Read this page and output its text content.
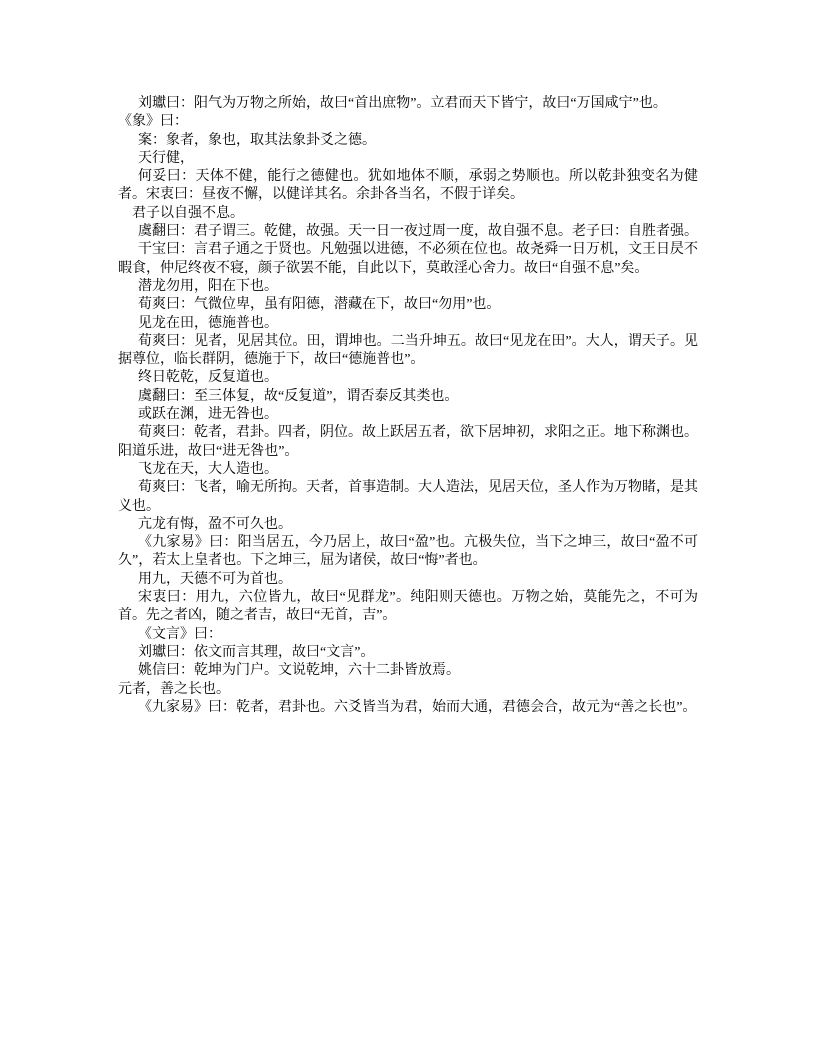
刘瓛曰：阳气为万物之所始，故曰“首出庶物”。立君而天下皆宁，故曰“万国咸宁”也。

《象》曰：

案：象者，象也，取其法象卦爻之德。

天行健，

何妥曰：天体不健，能行之德健也。犹如地体不顺，承弱之势顺也。所以乾卦独变名为健者。宋衷曰：昼夜不懈，以健详其名。余卦各当名，不假于详矣。

君子以自强不息。

虞翻曰：君子谓三。乾健，故强。天一日一夜过周一度，故自强不息。老子曰：自胜者强。

干宝曰：言君子通之于贤也。凡勉强以进德，不必须在位也。故尧舜一日万机，文王日昃不暇食，仲尼终夜不寝，颜子欲罢不能，自此以下，莫敢淫心舍力。故曰“自强不息”矣。

潜龙勿用，阳在下也。

荀爽曰：气微位卑，虽有阳德，潜藏在下，故曰“勿用”也。

见龙在田，德施普也。

荀爽曰：见者，见居其位。田，谓坤也。二当升坤五。故曰“见龙在田”。大人，谓天子。见据尊位，临长群阴，德施于下，故曰“德施普也”。

终日乾乾，反复道也。

虞翻曰：至三体复，故“反复道”，谓否泰反其类也。

或跃在渊，进无咎也。

荀爽曰：乾者，君卦。四者，阴位。故上跃居五者，欲下居坤初，求阳之正。地下称渊也。阳道乐进，故曰“进无咎也”。

飞龙在天，大人造也。

荀爽曰：飞者，喻无所拘。天者，首事造制。大人造法，见居天位，圣人作为万物睹，是其义也。

亢龙有悔，盈不可久也。

《九家易》曰：阳当居五，今乃居上，故曰“盈”也。亢极失位，当下之坤三，故曰“盈不可久”，若太上皇者也。下之坤三，屈为诸侯，故曰“悔”者也。

用九，天德不可为首也。

宋衷曰：用九，六位皆九，故曰“见群龙”。纯阳则天德也。万物之始，莫能先之，不可为首。先之者凶，随之者吉，故曰“无首，吉”。

《文言》曰：

刘瓛曰：依文而言其理，故曰“文言”。

姚信曰：乾坤为门户。文说乾坤，六十二卦皆放焉。

元者，善之长也。

《九家易》曰：乾者，君卦也。六爻皆当为君，始而大通，君德会合，故元为“善之长也”。
